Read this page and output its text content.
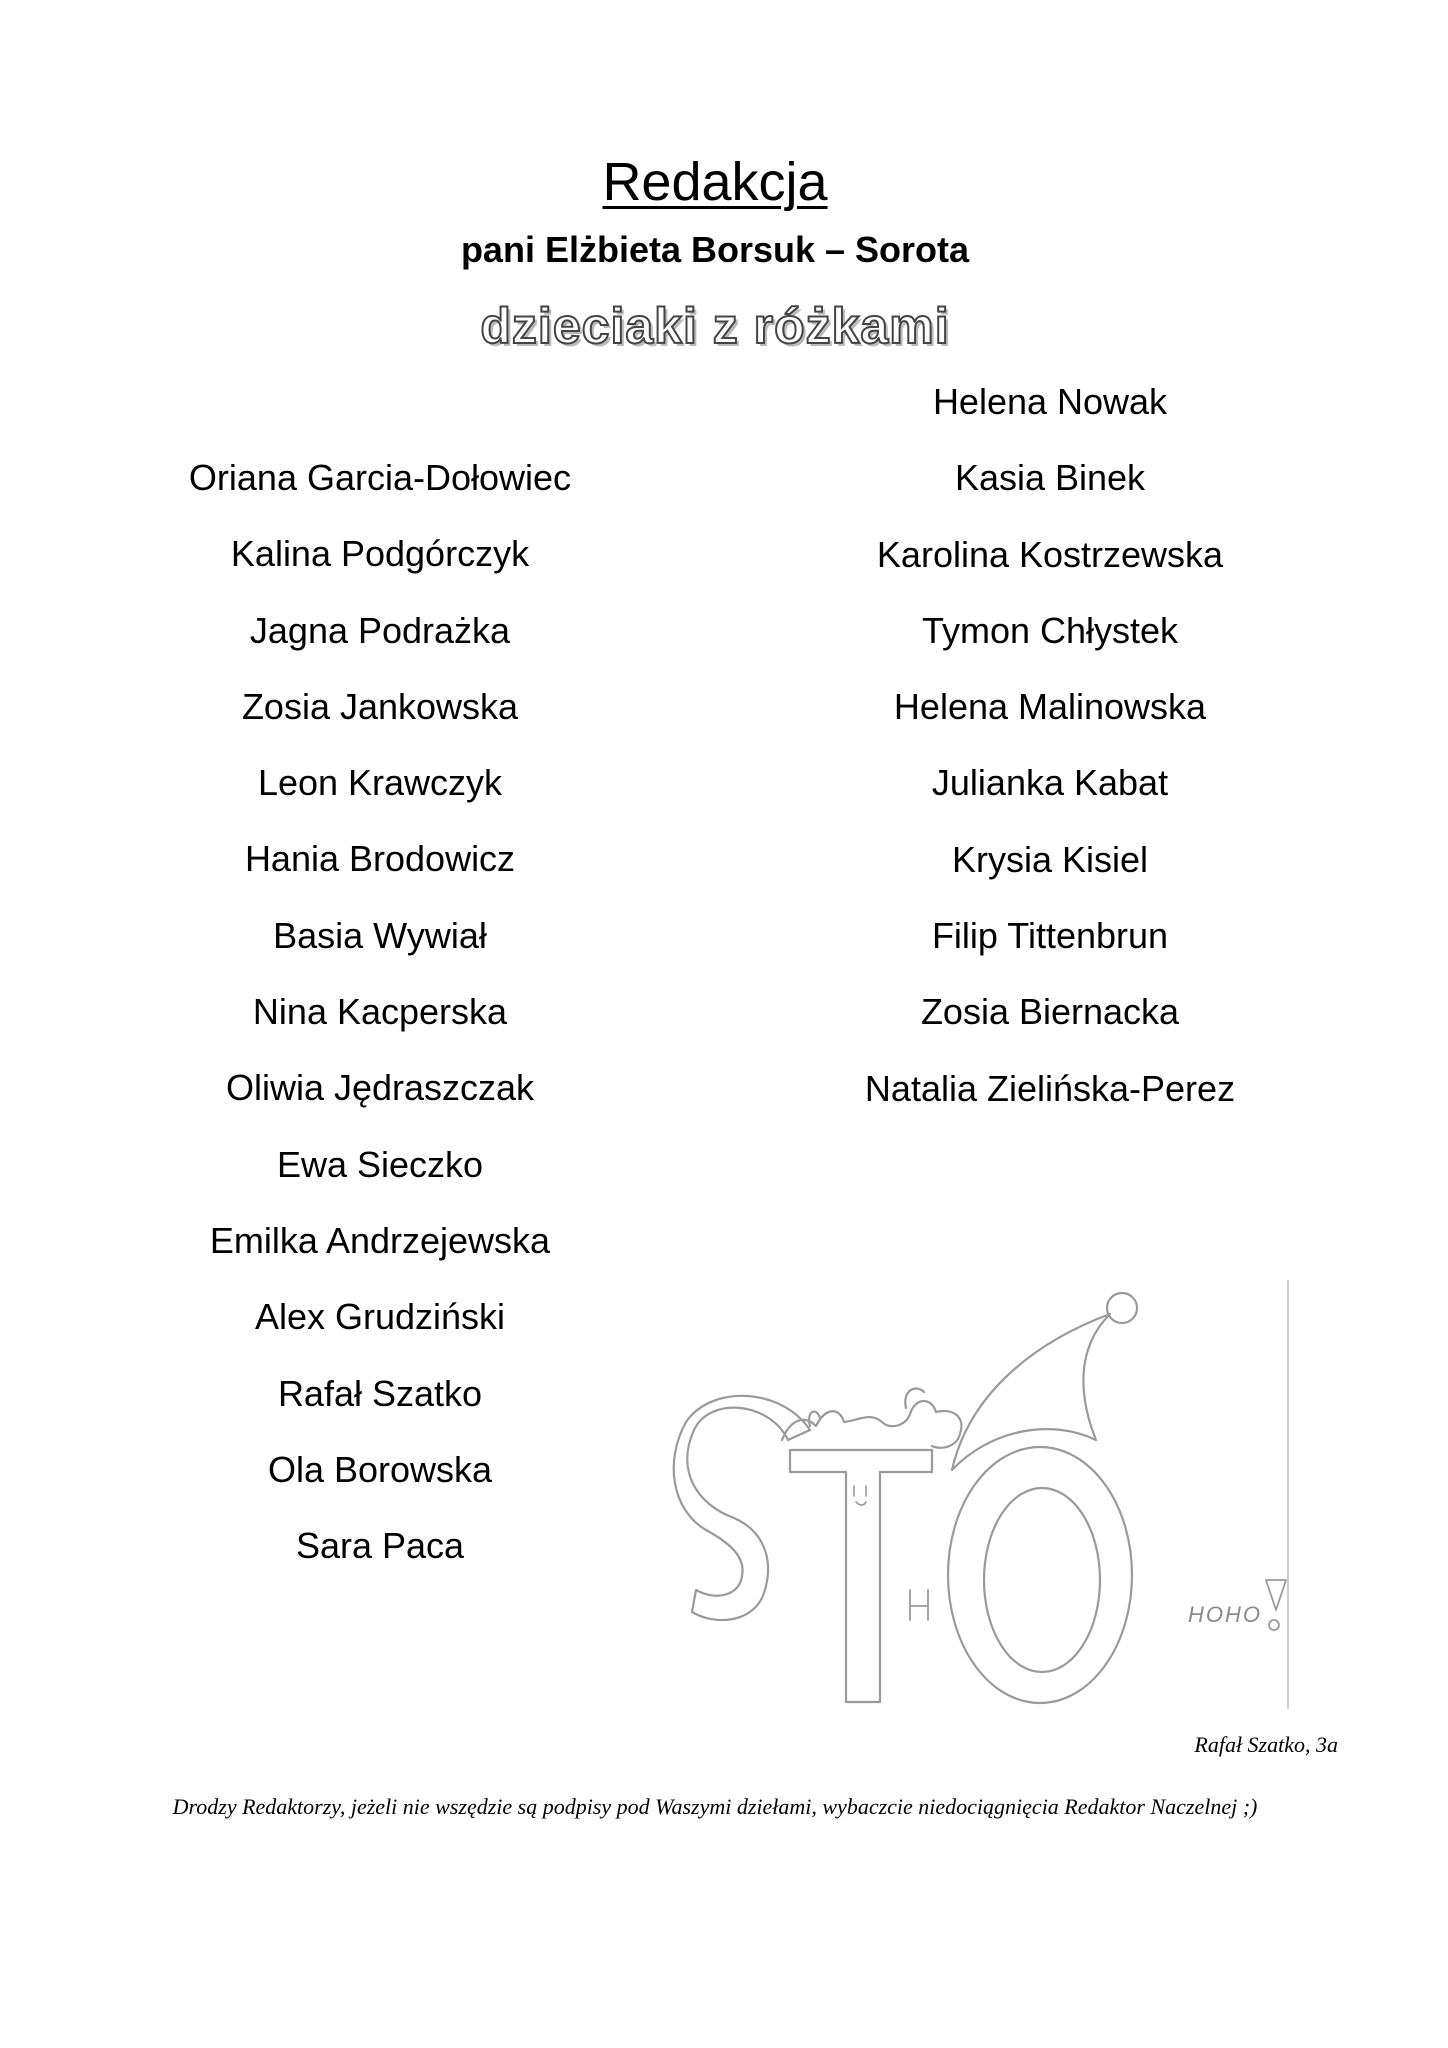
Redakcja
pani Elżbieta Borsuk – Sorota
dzieciaki z różkami
Oriana Garcia-Dołowiec
Kalina Podgórczyk
Jagna Podrażka
Zosia Jankowska
Leon Krawczyk
Hania Brodowicz
Basia Wywiał
Nina Kacperska
Oliwia Jędraszczak
Ewa Sieczko
Emilka Andrzejewska
Alex Grudziński
Rafał Szatko
Ola Borowska
Sara Paca
Helena Nowak
Kasia Binek
Karolina Kostrzewska
Tymon Chłystek
Helena Malinowska
Julianka Kabat
Krysia Kisiel
Filip Tittenbrun
Zosia Biernacka
Natalia Zielińska-Perez
HOHO
Rafał Szatko, 3a
Drodzy Redaktorzy, jeżeli nie wszędzie są podpisy pod Waszymi dziełami, wybaczcie niedociągnięcia Redaktor Naczelnej ;)
